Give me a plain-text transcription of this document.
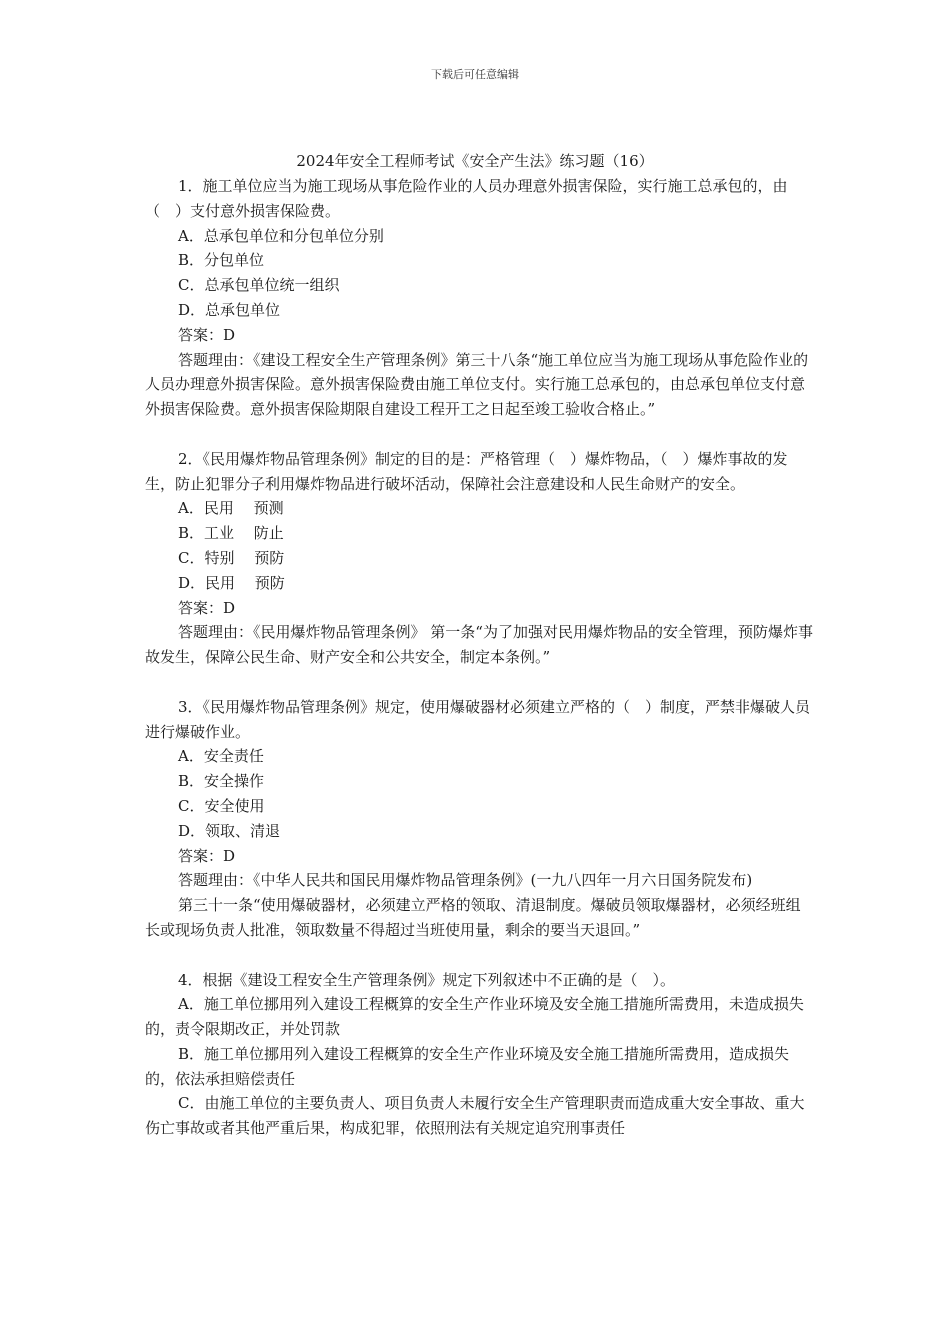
下载后可任意编辑
2024年安全工程师考试《安全产生法》练习题（16）

1．施工单位应当为施工现场从事危险作业的人员办理意外损害保险，实行施工总承包的，由（　）支付意外损害保险费。

A．总承包单位和分包单位分别

B．分包单位

C．总承包单位统一组织

D．总承包单位

答案：D

答题理由：《建设工程安全生产管理条例》第三十八条“施工单位应当为施工现场从事危险作业的人员办理意外损害保险。意外损害保险费由施工单位支付。实行施工总承包的，由总承包单位支付意外损害保险费。意外损害保险期限自建设工程开工之日起至竣工验收合格止。”

2．《民用爆炸物品管理条例》制定的目的是：严格管理（　）爆炸物品，（　）爆炸事故的发生，防止犯罪分子利用爆炸物品进行破坏活动，保障社会注意建设和人民生命财产的安全。

A．民用　 预测

B．工业　 防止

C．特别　 预防

D．民用　 预防

答案：D

答题理由：《民用爆炸物品管理条例》 第一条“为了加强对民用爆炸物品的安全管理，预防爆炸事故发生，保障公民生命、财产安全和公共安全，制定本条例。”

3．《民用爆炸物品管理条例》规定，使用爆破器材必须建立严格的（　）制度，严禁非爆破人员进行爆破作业。

A．安全责任

B．安全操作

C．安全使用

D．领取、清退

答案：D

答题理由：《中华人民共和国民用爆炸物品管理条例》(一九八四年一月六日国务院发布)

第三十一条“使用爆破器材，必须建立严格的领取、清退制度。爆破员领取爆器材，必须经班组长或现场负责人批准，领取数量不得超过当班使用量，剩余的要当天退回。”

4．根据《建设工程安全生产管理条例》规定下列叙述中不正确的是（　）。

A．施工单位挪用列入建设工程概算的安全生产作业环境及安全施工措施所需费用，未造成损失的，责令限期改正，并处罚款

B．施工单位挪用列入建设工程概算的安全生产作业环境及安全施工措施所需费用，造成损失的，依法承担赔偿责任

C．由施工单位的主要负责人、项目负责人未履行安全生产管理职责而造成重大安全事故、重大伤亡事故或者其他严重后果，构成犯罪，依照刑法有关规定追究刑事责任
